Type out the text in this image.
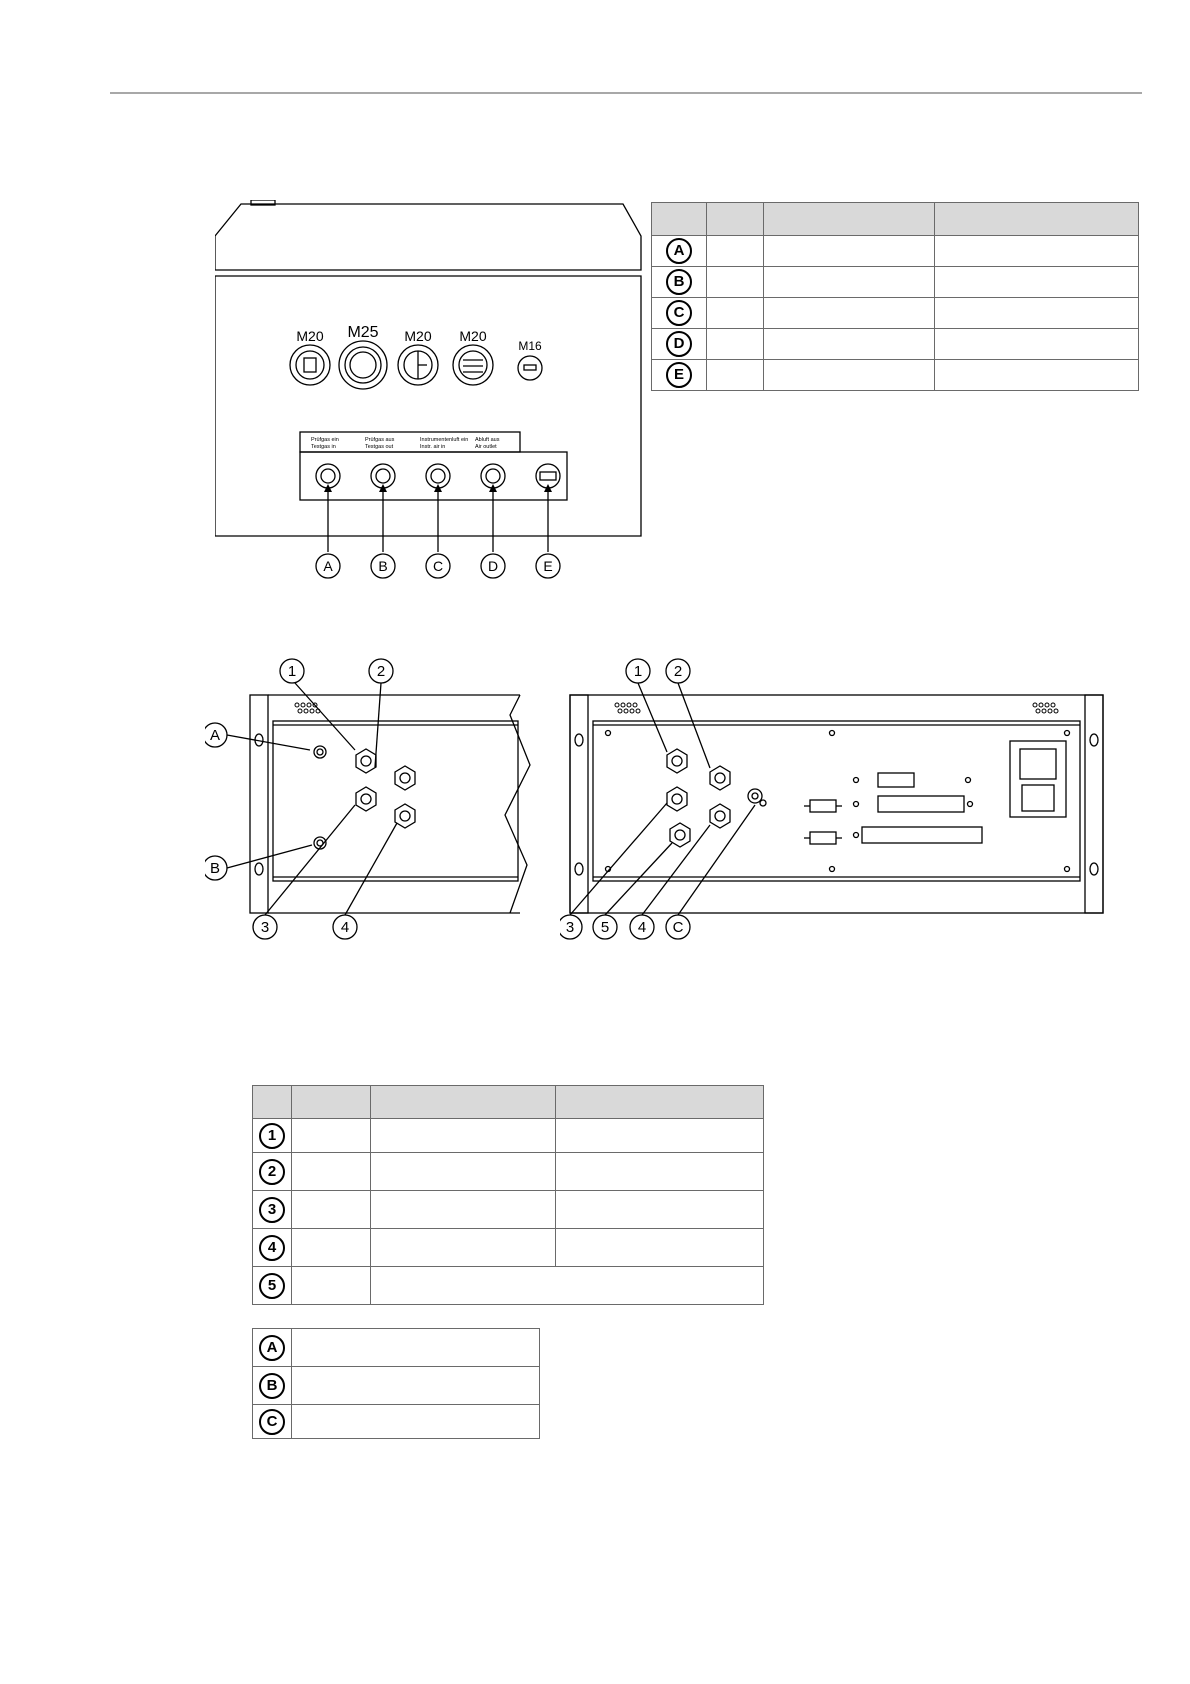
M20 M25 M20 M20
M16
Prüfgas ein
Testgas in
Prüfgas aus
Testgas out
Instrumentenluft ein
Instr. air in
Abluft aus
Air outlet
A	B	C	D	E

A			
B			
C			
D			
E			
1	2
A
B
3	4
1 2
3 5 4 C

1			
2			
3			
4			
5			
A	
B	
C	
